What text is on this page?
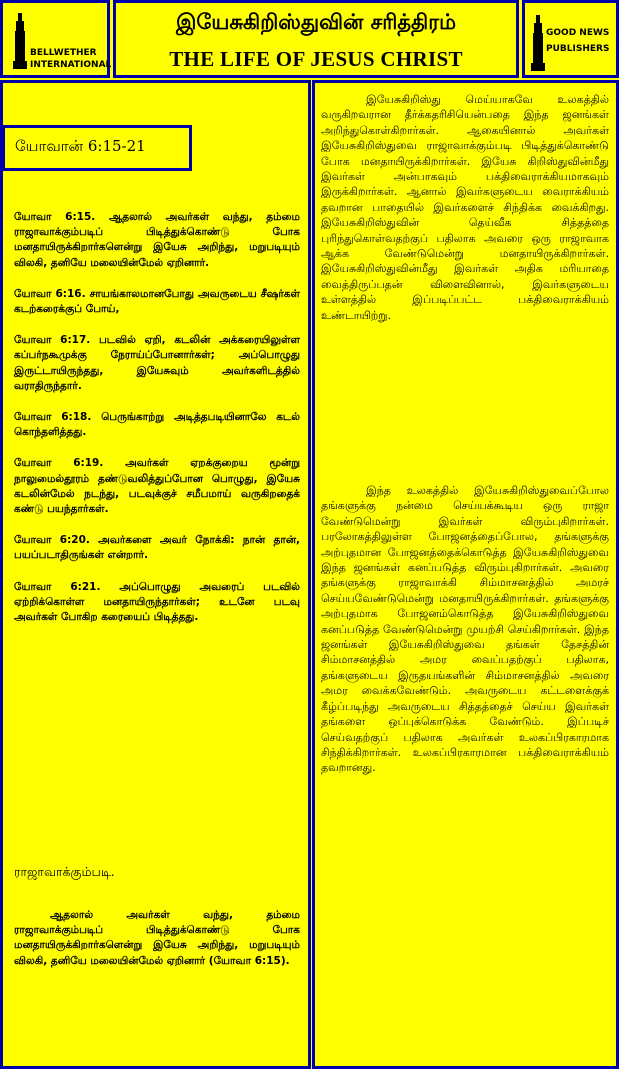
BELLWETHER
INTERNATIONAL
இயேசுகிறிஸ்துவின் சரித்திரம்
THE LIFE OF JESUS CHRIST
GOOD NEWS
PUBLISHERS
யோவான் 6:15-21

யோவா 6:15. ஆதலால் அவர்கள் வந்து, தம்மை ராஜாவாக்கும்படிப் பிடித்துக்கொண்டு போக மனதாயிருக்கிறார்களென்று இயேசு அறிந்து, மறுபடியும் விலகி, தனியே மலையின்மேல் ஏறினார்.

யோவா 6:16. சாயங்காலமானபோது அவருடைய சீஷர்கள் கடற்கரைக்குப் போய்,

யோவா 6:17. படவில் ஏறி, கடலின் அக்கரையிலுள்ள கப்பர்நகூமுக்கு நேராய்ப்போனார்கள்; அப்பொழுது இருட்டாயிருந்தது, இயேசுவும் அவர்களிடத்தில் வராதிருந்தார்.

யோவா 6:18. பெருங்காற்று அடித்தபடியினாலே கடல் கொந்தளித்தது.

யோவா 6:19. அவர்கள் ஏறக்குறைய மூன்று நாலுமைல்தூரம் தண்டுவலித்துப்போன பொழுது, இயேசு கடலின்மேல் நடந்து, படவுக்குச் சமீபமாய் வருகிறதைக் கண்டு பயந்தார்கள்.

யோவா 6:20. அவர்களை அவர் நோக்கி: நான் தான், பயப்படாதிருங்கள் என்றார்.

யோவா 6:21. அப்பொழுது அவரைப் படவில் ஏற்றிக்கொள்ள மனதாயிருந்தார்கள்; உடனே படவு அவர்கள் போகிற கரையைப் பிடித்தது.

ராஜாவாக்கும்படி.
ஆதலால் அவர்கள் வந்து, தம்மை ராஜாவாக்கும்படிப் பிடித்துக்கொண்டு போக மனதாயிருக்கிறார்களென்று இயேசு அறிந்து, மறுபடியும் விலகி, தனியே மலையின்மேல் ஏறினார் (யோவா 6:15).
இயேசுகிறிஸ்து மெய்யாகவே உலகத்தில் வருகிறவரான தீர்க்கதரிசியென்பதை இந்த ஜனங்கள் அறிந்துகொள்கிறார்கள். ஆகையினால் அவர்கள் இயேசுகிறிஸ்துவை ராஜாவாக்கும்படி பிடித்துக்கொண்டு போக மனதாயிருக்கிறார்கள். இயேசு கிறிஸ்துவின்மீது இவர்கள் அன்பாகவும் பக்திவைராக்கியமாகவும் இருக்கிறார்கள். ஆனால் இவர்களுடைய வைராக்கியம் தவறான பாதையில் இவர்களைச் சிந்திக்க வைக்கிறது. இயேசுகிறிஸ்துவின் தெய்வீக சித்தத்தை புரிந்துகொள்வதற்குப் பதிலாக அவரை ஒரு ராஜாவாக ஆக்க வேண்டுமென்று மனதாயிருக்கிறார்கள். இயேசுகிறிஸ்துவின்மீது இவர்கள் அதிக மரியாதை வைத்திருப்பதன் விளைவினால், இவர்களுடைய உள்ளத்தில் இப்படிப்பட்ட பக்திவைராக்கியம் உண்டாயிற்று.
இந்த உலகத்தில் இயேசுகிறிஸ்துவைப்போல தங்களுக்கு நன்மை செய்யக்கூடிய ஒரு ராஜா வேண்டுமென்று இவர்கள் விரும்புகிறார்கள். பரலோகத்திலுள்ள போஜனத்தைப்போல, தங்களுக்கு அற்புதமான போஜனத்தைக்கொடுத்த இயேசுகிறிஸ்துவை இந்த ஜனங்கள் கனப்படுத்த விரும்புகிறார்கள். அவரை தங்களுக்கு ராஜாவாக்கி சிம்மாசனத்தில் அமரச் செய்யவேண்டுமென்று மனதாயிருக்கிறார்கள். தங்களுக்கு அற்புதமாக போஜனம்கொடுத்த இயேசுகிறிஸ்துவை கனப்படுத்த வேண்டுமென்று முயற்சி செய்கிறார்கள். இந்த ஜனங்கள் இயேசுகிறிஸ்துவை தங்கள் தேசத்தின் சிம்மாசனத்தில் அமர வைப்பதற்குப் பதிலாக, தங்களுடைய இருதயங்களின் சிம்மாசனத்தில் அவரை அமர வைக்கவேண்டும். அவருடைய கட்டளைக்குக் கீழ்ப்படிந்து அவருடைய சித்தத்தைச் செய்ய இவர்கள் தங்களை ஒப்புக்கொடுக்க வேண்டும். இப்படிச் செய்வதற்குப் பதிலாக அவர்கள் உலகப்பிரகாரமாக சிந்திக்கிறார்கள். உலகப்பிரகாரமான பக்திவைராக்கியம் தவறானது.
